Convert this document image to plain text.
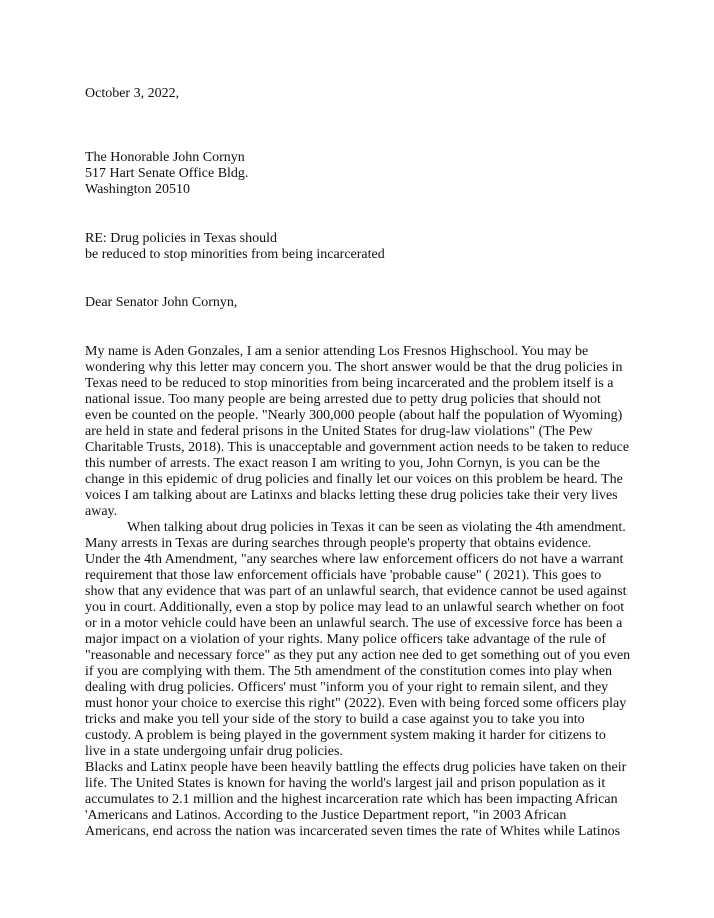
October 3, 2022,
The Honorable John Cornyn
517 Hart Senate Office Bldg.
Washington 20510
RE: Drug policies in Texas should
be reduced to stop minorities from being incarcerated
Dear Senator John Cornyn,
My name is Aden Gonzales, I am a senior attending Los Fresnos Highschool. You may be
wondering why this letter may concern you. The short answer would be that the drug policies in
Texas need to be reduced to stop minorities from being incarcerated and the problem itself is a
national issue. Too many people are being arrested due to petty drug policies that should not
even be counted on the people. "Nearly 300,000 people (about half the population of Wyoming)
are held in state and federal prisons in the United States for drug-law violations" (The Pew
Charitable Trusts, 2018). This is unacceptable and government action needs to be taken to reduce
this number of arrests. The exact reason I am writing to you, John Cornyn, is you can be the
change in this epidemic of drug policies and finally let our voices on this problem be heard. The
voices I am talking about are Latinxs and blacks letting these drug policies take their very lives
away.
When talking about drug policies in Texas it can be seen as violating the 4th amendment.
Many arrests in Texas are during searches through people's property that obtains evidence.
Under the 4th Amendment, "any searches where law enforcement officers do not have a warrant
requirement that those law enforcement officials have 'probable cause" ( 2021). This goes to
show that any evidence that was part of an unlawful search, that evidence cannot be used against
you in court. Additionally, even a stop by police may lead to an unlawful search whether on foot
or in a motor vehicle could have been an unlawful search. The use of excessive force has been a
major impact on a violation of your rights. Many police officers take advantage of the rule of
"reasonable and necessary force" as they put any action nee ded to get something out of you even
if you are complying with them. The 5th amendment of the constitution comes into play when
dealing with drug policies. Officers' must "inform you of your right to remain silent, and they
must honor your choice to exercise this right" (2022). Even with being forced some officers play
tricks and make you tell your side of the story to build a case against you to take you into
custody. A problem is being played in the government system making it harder for citizens to
live in a state undergoing unfair drug policies.
Blacks and Latinx people have been heavily battling the effects drug policies have taken on their
life. The United States is known for having the world's largest jail and prison population as it
accumulates to 2.1 million and the highest incarceration rate which has been impacting African
'Americans and Latinos. According to the Justice Department report, "in 2003 African
Americans, end across the nation was incarcerated seven times the rate of Whites while Latinos
